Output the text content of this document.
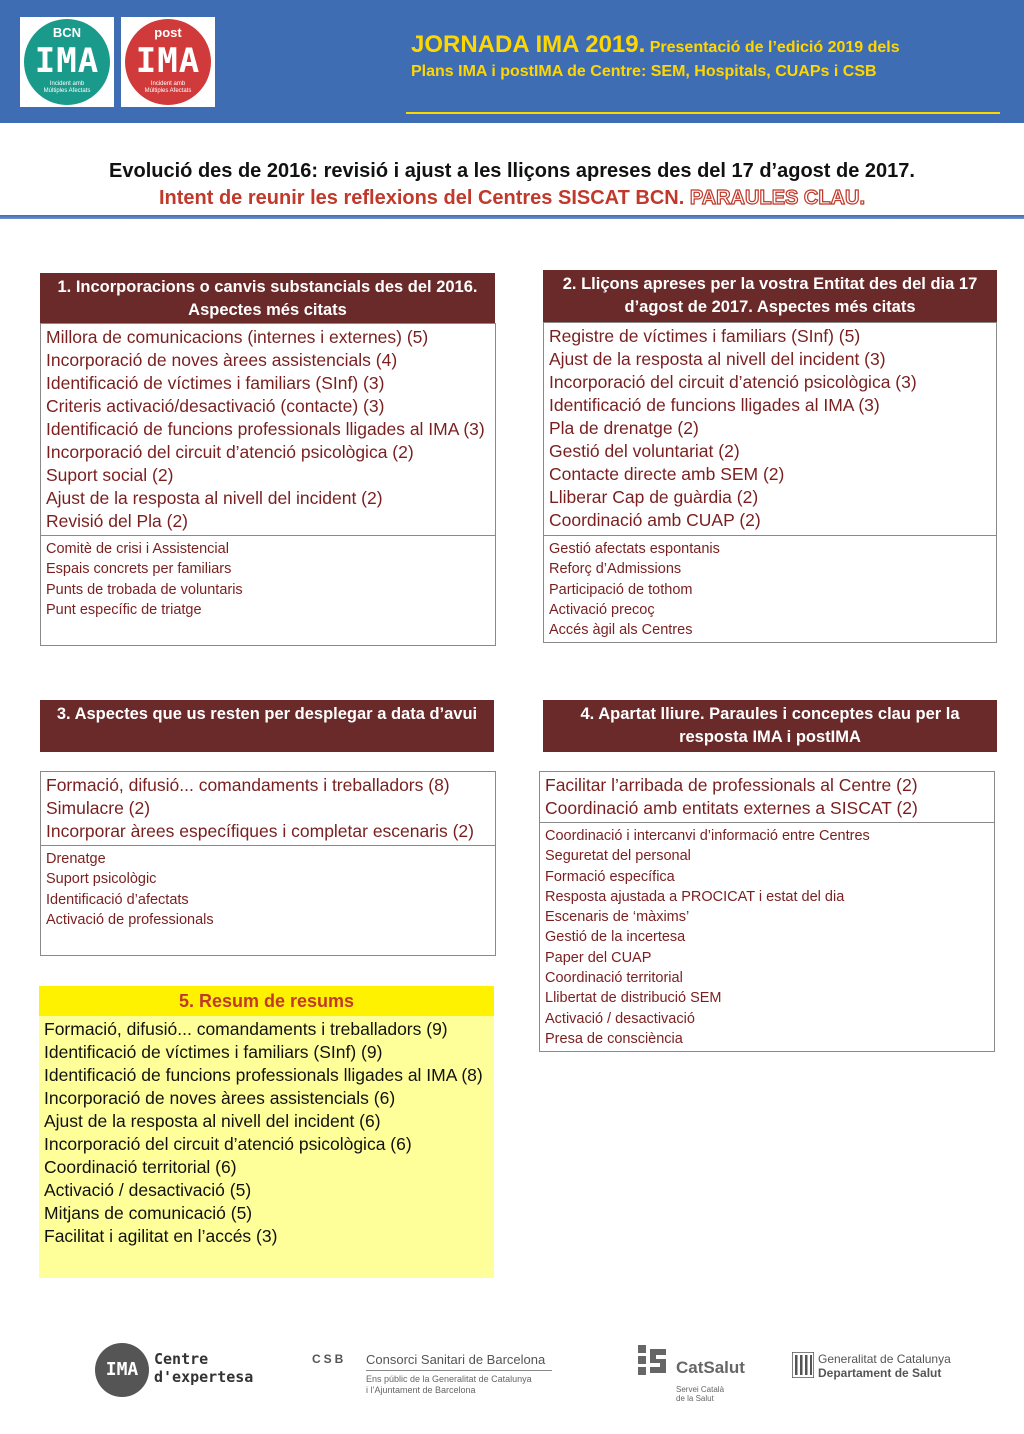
BCN
IMA
Incident amb
Múltiples Afectats
post
IMA
Incident amb
Múltiples Afectats
JORNADA IMA 2019. Presentació de l’edició 2019 dels
Plans IMA i postIMA de Centre: SEM, Hospitals, CUAPs i CSB
Evolució des de 2016: revisió i ajust a les lliçons apreses des del 17 d’agost de 2017.
Intent de reunir les reflexions del Centres SISCAT BCN. PARAULES CLAU.
1. Incorporacions o canvis substancials des del 2016. Aspectes més citats
Millora de comunicacions (internes i externes) (5)
Incorporació de noves àrees assistencials (4)
Identificació de víctimes i familiars (SInf) (3)
Criteris activació/desactivació (contacte) (3)
Identificació de funcions professionals lligades al IMA (3)
Incorporació del circuit d’atenció psicològica (2)
Suport social (2)
Ajust de la resposta al nivell del incident (2)
Revisió del Pla (2)
Comitè de crisi i Assistencial
Espais concrets per familiars
Punts de trobada de voluntaris
Punt específic de triatge
2. Lliçons apreses per la vostra Entitat des del dia 17 d’agost de 2017. Aspectes més citats
Registre de víctimes i familiars (SInf) (5)
Ajust de la resposta al nivell del incident (3)
Incorporació del circuit d’atenció psicològica (3)
Identificació de funcions lligades al IMA (3)
Pla de drenatge (2)
Gestió del voluntariat (2)
Contacte directe amb SEM (2)
Lliberar Cap de guàrdia (2)
Coordinació amb CUAP (2)
Gestió afectats espontanis
Reforç d’Admissions
Participació de tothom
Activació precoç
Accés àgil als Centres
3. Aspectes que us resten per desplegar a data d’avui
Formació, difusió... comandaments i treballadors (8)
Simulacre (2)
Incorporar àrees específiques i completar escenaris (2)
Drenatge
Suport psicològic
Identificació d’afectats
Activació de professionals
4. Apartat lliure. Paraules i conceptes clau per la resposta IMA i postIMA
Facilitar l’arribada de professionals al Centre (2)
Coordinació amb entitats externes a SISCAT (2)
Coordinació i intercanvi d’informació entre Centres
Seguretat del personal
Formació específica
Resposta ajustada a PROCICAT i estat del dia
Escenaris de ‘màxims’
Gestió de la incertesa
Paper del CUAP
Coordinació territorial
Llibertat de distribució SEM
Activació / desactivació
Presa de consciència
5. Resum de resums
Formació, difusió... comandaments i treballadors (9)
Identificació de víctimes i familiars (SInf) (9)
Identificació de funcions professionals lligades al IMA (8)
Incorporació de noves àrees assistencials (6)
Ajust de la resposta al nivell del incident (6)
Incorporació del circuit d’atenció psicològica (6)
Coordinació territorial (6)
Activació / desactivació (5)
Mitjans de comunicació (5)
Facilitat i agilitat en l’accés (3)
IMA	Centre
d'expertesa
CSB Consorci Sanitari de Barcelona
Ens públic de la Generalitat de Catalunya
i l’Ajuntament de Barcelona
CatSalut
Servei Català
de la Salut
Generalitat de Catalunya
Departament de Salut
